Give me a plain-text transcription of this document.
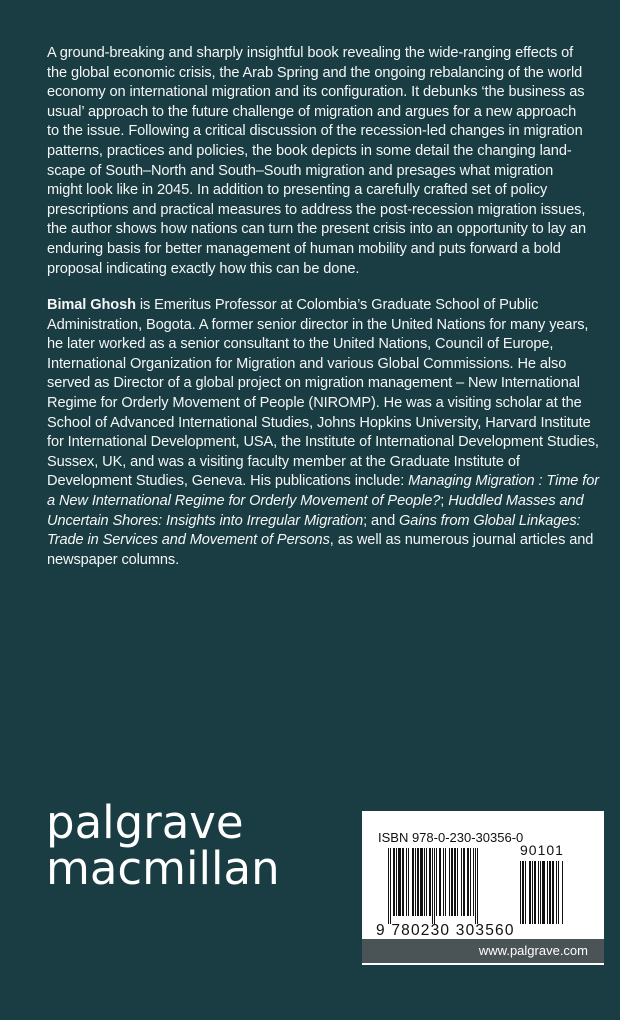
A ground-breaking and sharply insightful book revealing the wide-ranging effects of the global economic crisis, the Arab Spring and the ongoing rebalancing of the world economy on international migration and its configuration. It debunks ‘the business as usual’ approach to the future challenge of migration and argues for a new approach to the issue. Following a critical discussion of the recession-led changes in migration patterns, practices and policies, the book depicts in some detail the changing land-scape of South–North and South–South migration and presages what migration might look like in 2045. In addition to presenting a carefully crafted set of policy prescriptions and practical measures to address the post-recession migration issues, the author shows how nations can turn the present crisis into an opportunity to lay an enduring basis for better management of human mobility and puts forward a bold proposal indicating exactly how this can be done.
Bimal Ghosh is Emeritus Professor at Colombia’s Graduate School of Public Administration, Bogota. A former senior director in the United Nations for many years, he later worked as a senior consultant to the United Nations, Council of Europe, International Organization for Migration and various Global Commissions. He also served as Director of a global project on migration management – New International Regime for Orderly Movement of People (NIROMP). He was a visiting scholar at the School of Advanced International Studies, Johns Hopkins University, Harvard Institute for International Development, USA, the Institute of International Development Studies, Sussex, UK, and was a visiting faculty member at the Graduate Institute of Development Studies, Geneva. His publications include: Managing Migration : Time for a New International Regime for Orderly Movement of People?; Huddled Masses and Uncertain Shores: Insights into Irregular Migration; and Gains from Global Linkages: Trade in Services and Movement of Persons, as well as numerous journal articles and newspaper columns.
palgrave
macmillan
ISBN 978-0-230-30356-0
90101
9 780230 303560
www.palgrave.com
